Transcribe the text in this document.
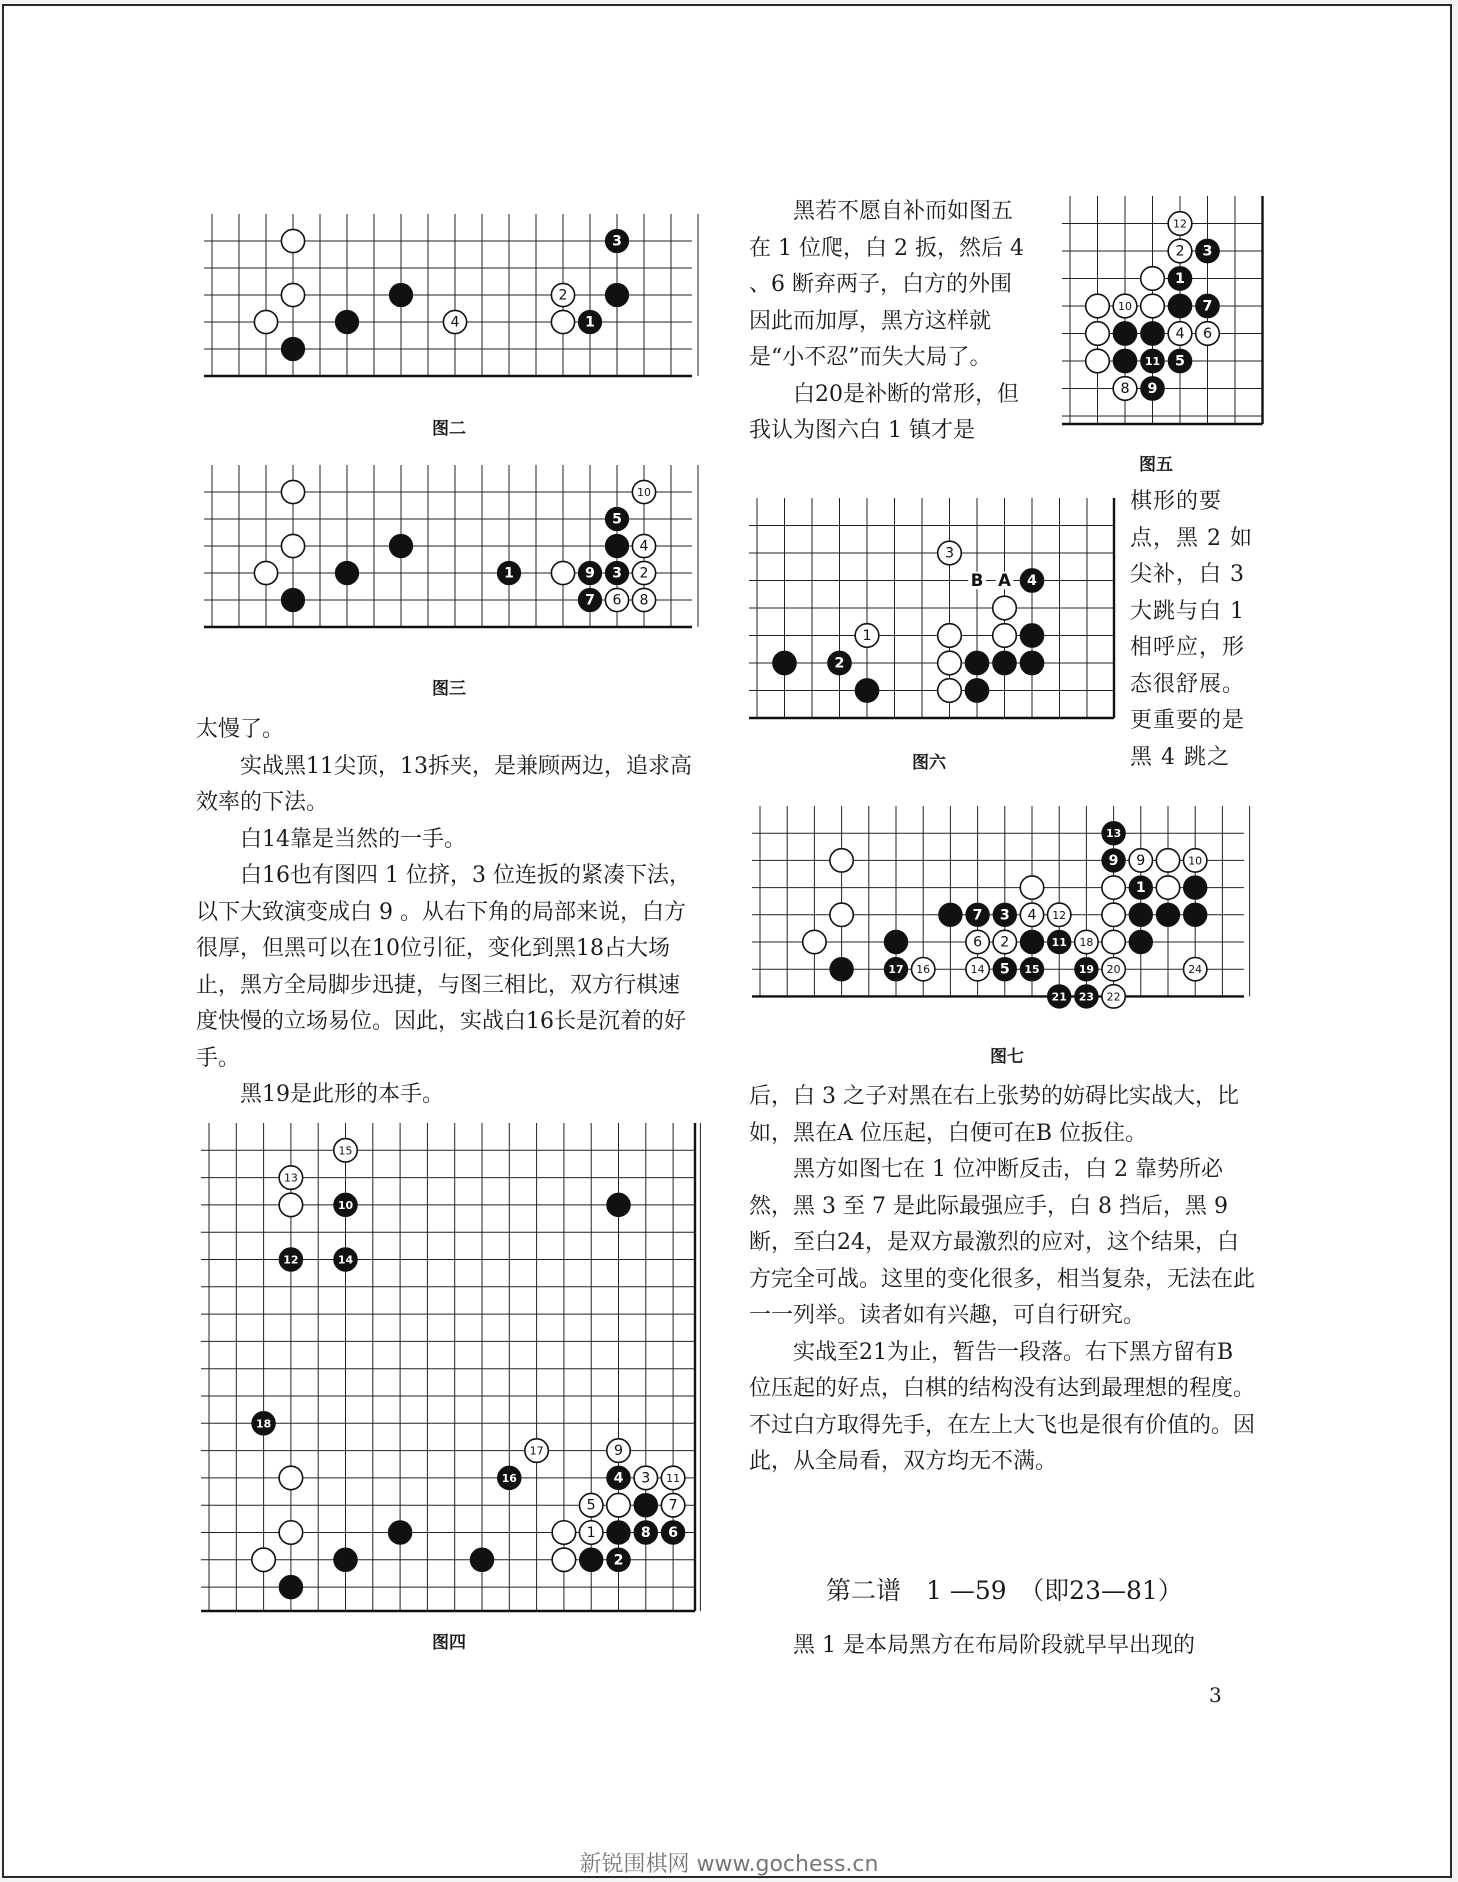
4
2
1
3
图二
1	9 3 2
4
5
10
7 6 8
图三

太慢了。

实战黑11尖顶，13拆夹，是兼顾两边，追求高效率的下法。

白14靠是当然的一手。

白16也有图四 1 位挤，3 位连扳的紧凑下法，以下大致演变成白 9 。从右下角的局部来说，白方很厚，但黑可以在10位引征，变化到黑18占大场止，黑方全局脚步迅捷，与图三相比，双方行棋速度快慢的立场易位。因此，实战白16长是沉着的好手。

黑19是此形的本手。

15
13
10
12	14
18
17
16
9
4 3 11
5	7
1	8 6
2
图四

黑若不愿自补而如图五在 1 位爬，白 2 扳，然后 4 、6 断弃两子，白方的外围因此而加厚，黑方这样就是“小不忍”而失大局了。

白20是补断的常形，但我认为图六白 1 镇才是

12
2 3
1
10	7
4 6
11 5
8 9
图五
B A
3
4
1
2
图六

棋形的要点，黑 2 如尖补，白 3 大跳与白 1 相呼应，形态很舒展。更重要的是黑 4 跳之

13
9 9	10
1
7 3 4 12
6 2	11 18
17 16	14 5 15	19 20	24
21 23 22
图七

后，白 3 之子对黑在右上张势的妨碍比实战大，比如，黑在A 位压起，白便可在B 位扳住。

黑方如图七在 1 位冲断反击，白 2 靠势所必然，黑 3 至 7 是此际最强应手，白 8 挡后，黑 9 断，至白24，是双方最激烈的应对，这个结果，白方完全可战。这里的变化很多，相当复杂，无法在此一一列举。读者如有兴趣，可自行研究。

实战至21为止，暂告一段落。右下黑方留有B 位压起的好点，白棋的结构没有达到最理想的程度。不过白方取得先手，在左上大飞也是很有价值的。因此，从全局看，双方均无不满。

第二谱　1 —59　（即23—81）

黑 1 是本局黑方在布局阶段就早早出现的

3
新锐围棋网 www.gochess.cn
